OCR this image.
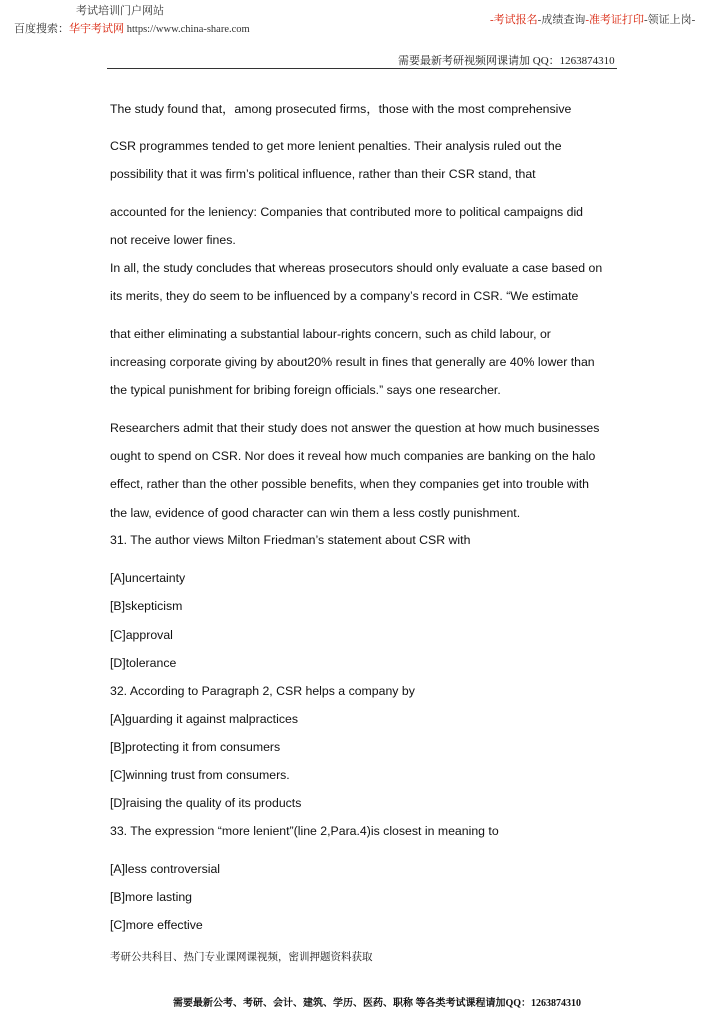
考试培训门户网站
百度搜索：华宇考试网 https://www.china-share.com
-考试报名-成绩查询-准考证打印-领证上岗-
需要最新考研视频网课请加 QQ：1263874310
The study found that，among prosecuted firms，those with the most comprehensive
CSR programmes tended to get more lenient penalties. Their analysis ruled out the
possibility that it was firm’s political influence, rather than their CSR stand, that
accounted for the leniency: Companies that contributed more to political campaigns did
not receive lower fines.
In all, the study concludes that whereas prosecutors should only evaluate a case based on
its merits, they do seem to be influenced by a company’s record in CSR. “We estimate
that either eliminating a substantial labour-rights concern, such as child labour, or
increasing corporate giving by about20% result in fines that generally are 40% lower than
the typical punishment for bribing foreign officials.” says one researcher.
Researchers admit that their study does not answer the question at how much businesses
ought to spend on CSR. Nor does it reveal how much companies are banking on the halo
effect, rather than the other possible benefits, when they companies get into trouble with
the law, evidence of good character can win them a less costly punishment.
31. The author views Milton Friedman’s statement about CSR with
[A]uncertainty
[B]skepticism
[C]approval
[D]tolerance
32. According to Paragraph 2, CSR helps a company by
[A]guarding it against malpractices
[B]protecting it from consumers
[C]winning trust from consumers.
[D]raising the quality of its products
33. The expression “more lenient”(line 2,Para.4)is closest in meaning to
[A]less controversial
[B]more lasting
[C]more effective
考研公共科目、热门专业课网课视频，密训押题资料获取
需要最新公考、考研、会计、建筑、学历、医药、职称 等各类考试课程请加QQ：1263874310
